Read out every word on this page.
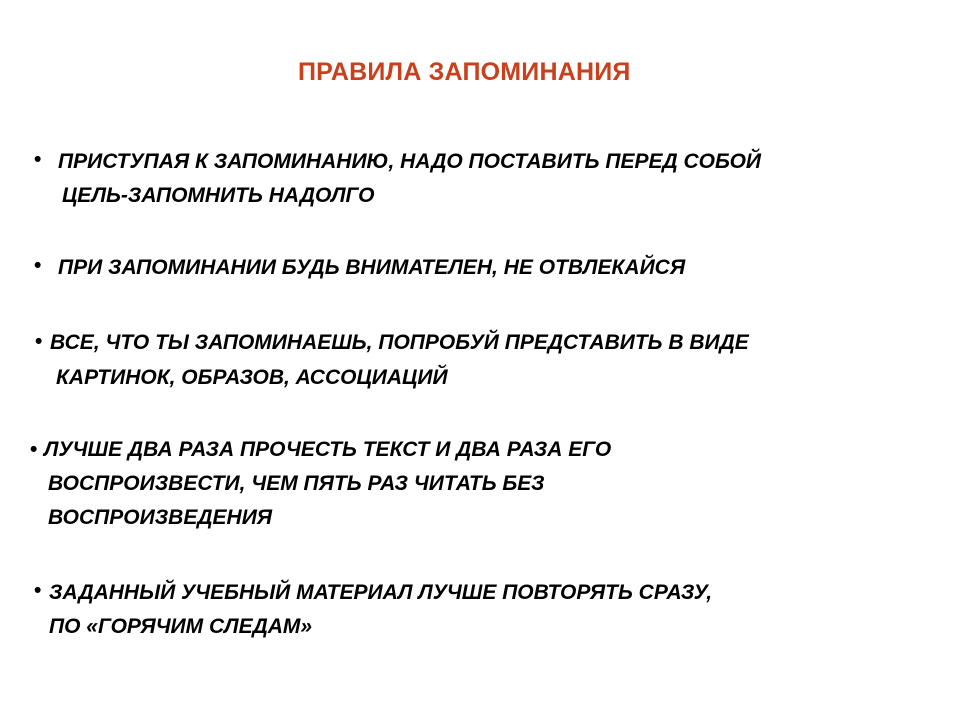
ПРАВИЛА ЗАПОМИНАНИЯ
• ПРИСТУПАЯ К ЗАПОМИНАНИЮ, НАДО ПОСТАВИТЬ ПЕРЕД СОБОЙ
ЦЕЛЬ-ЗАПОМНИТЬ НАДОЛГО
• ПРИ ЗАПОМИНАНИИ БУДЬ ВНИМАТЕЛЕН, НЕ ОТВЛЕКАЙСЯ
• ВСЕ, ЧТО ТЫ ЗАПОМИНАЕШЬ, ПОПРОБУЙ ПРЕДСТАВИТЬ В ВИДЕ
КАРТИНОК, ОБРАЗОВ, АССОЦИАЦИЙ
• ЛУЧШЕ ДВА РАЗА ПРОЧЕСТЬ ТЕКСТ И ДВА РАЗА ЕГО
ВОСПРОИЗВЕСТИ, ЧЕМ ПЯТЬ РАЗ ЧИТАТЬ БЕЗ
ВОСПРОИЗВЕДЕНИЯ
• ЗАДАННЫЙ УЧЕБНЫЙ МАТЕРИАЛ ЛУЧШЕ ПОВТОРЯТЬ СРАЗУ,
ПО «ГОРЯЧИМ СЛЕДАМ»
